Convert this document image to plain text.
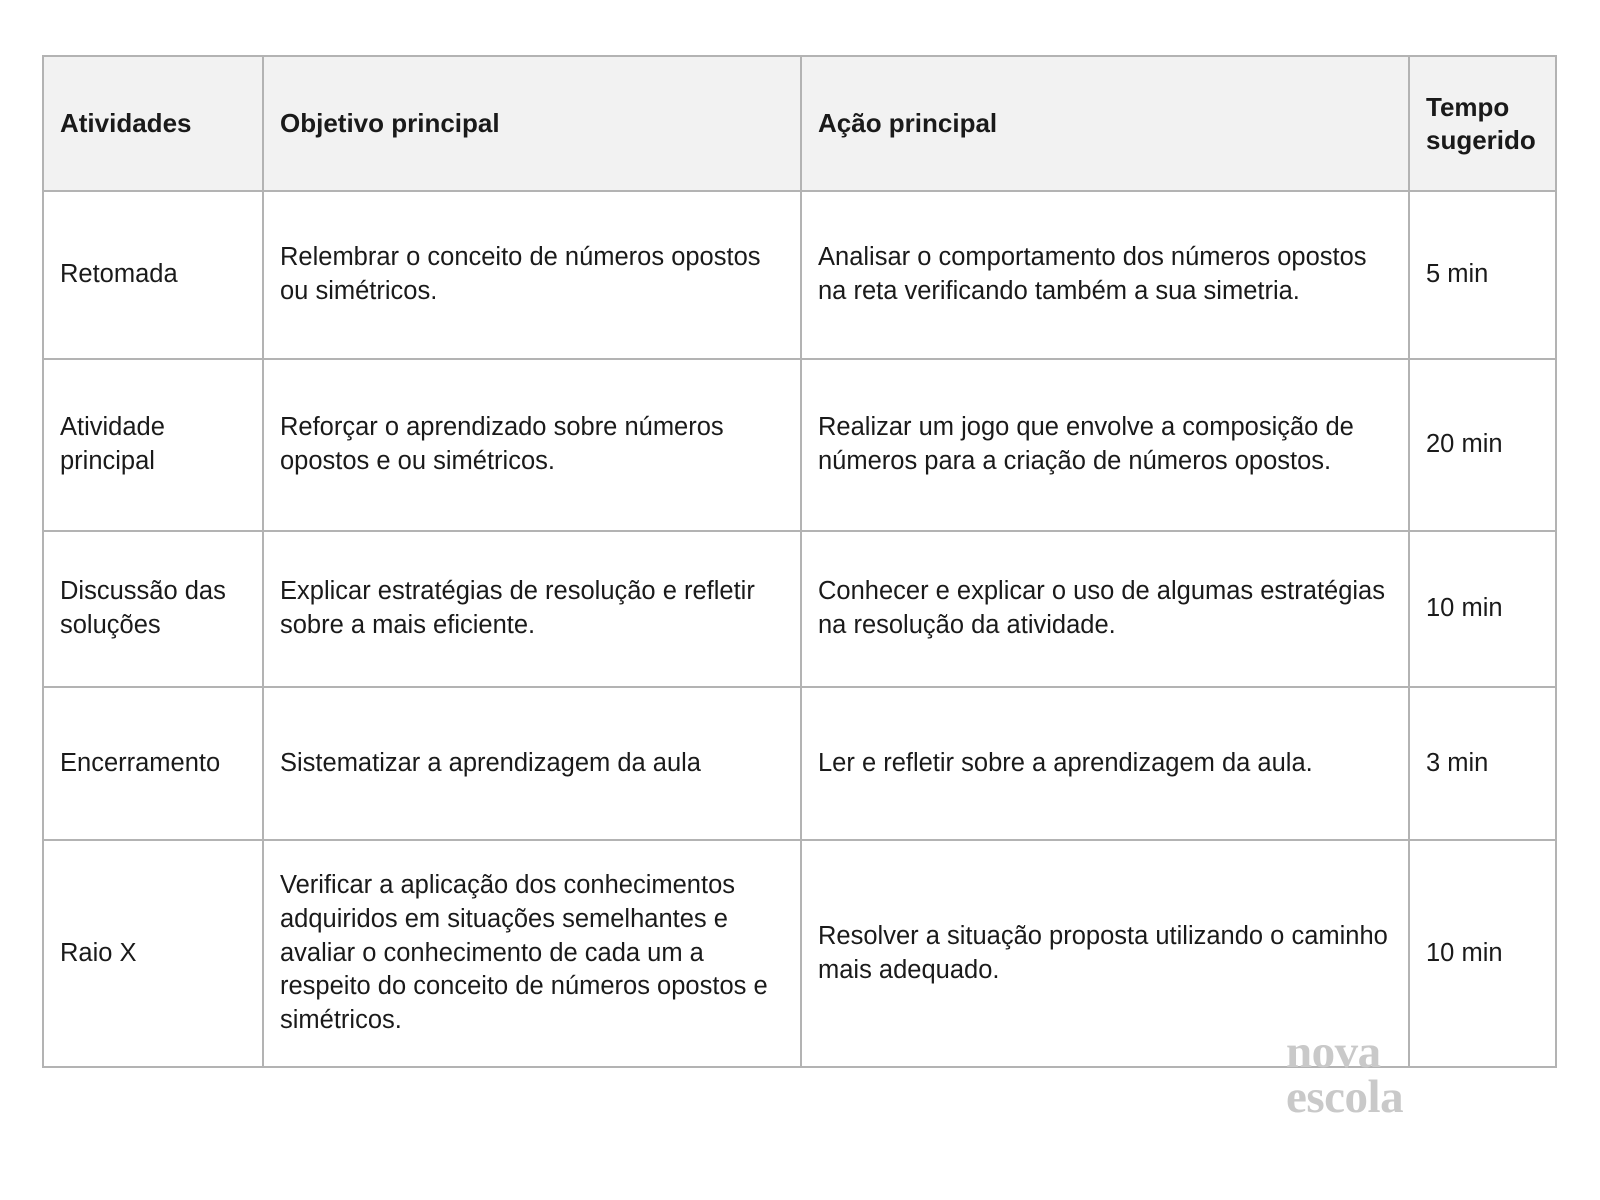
Atividades	Objetivo principal	Ação principal	Tempo sugerido
Retomada	Relembrar o conceito de números opostos ou simétricos.	Analisar o comportamento dos números opostos na reta verificando também a sua simetria.	5 min
Atividade principal	Reforçar o aprendizado sobre números opostos e ou simétricos.	Realizar um jogo que envolve a composição de números para a criação de números opostos.	20 min
Discussão das soluções	Explicar estratégias de resolução e refletir sobre a mais eficiente.	Conhecer e explicar o uso de algumas estratégias na resolução da atividade.	10 min
Encerramento	Sistematizar a aprendizagem da aula	Ler e refletir sobre a aprendizagem da aula.	3 min
Raio X	Verificar a aplicação dos conhecimentos adquiridos em situações semelhantes e avaliar o conhecimento de cada um a respeito do conceito de números opostos e simétricos.	Resolver a situação proposta utilizando o caminho mais adequado.	10 min
nova
escola
